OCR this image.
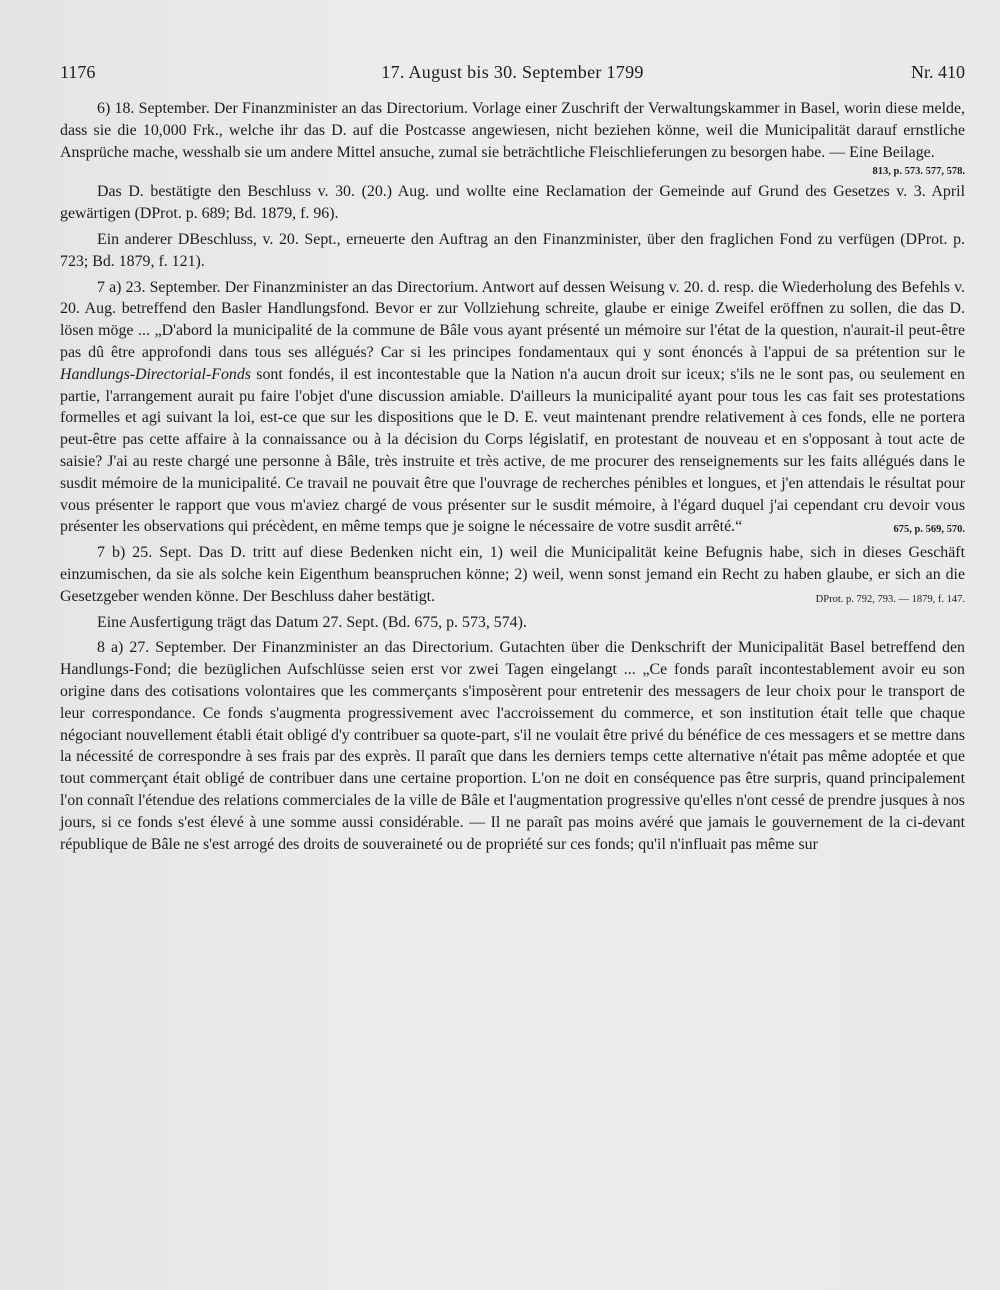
1176	17. August bis 30. September 1799	Nr. 410

6) 18. September. Der Finanzminister an das Directorium. Vorlage einer Zuschrift der Verwaltungskammer in Basel, worin diese melde, dass sie die 10,000 Frk., welche ihr das D. auf die Postcasse angewiesen, nicht beziehen könne, weil die Municipalität darauf ernstliche Ansprüche mache, wesshalb sie um andere Mittel ansuche, zumal sie beträchtliche Fleischlieferungen zu besorgen habe. — Eine Beilage.

813, p. 573. 577, 578.

Das D. bestätigte den Beschluss v. 30. (20.) Aug. und wollte eine Reclamation der Gemeinde auf Grund des Gesetzes v. 3. April gewärtigen (DProt. p. 689; Bd. 1879, f. 96).

Ein anderer DBeschluss, v. 20. Sept., erneuerte den Auftrag an den Finanzminister, über den fraglichen Fond zu verfügen (DProt. p. 723; Bd. 1879, f. 121).

7 a) 23. September. Der Finanzminister an das Directorium. Antwort auf dessen Weisung v. 20. d. resp. die Wiederholung des Befehls v. 20. Aug. betreffend den Basler Handlungsfond. Bevor er zur Vollziehung schreite, glaube er einige Zweifel eröffnen zu sollen, die das D. lösen möge ... „D'abord la municipalité de la commune de Bâle vous ayant présenté un mémoire sur l'état de la question, n'aurait-il peut-être pas dû être approfondi dans tous ses allégués? Car si les principes fondamentaux qui y sont énoncés à l'appui de sa prétention sur le Handlungs-Directorial-Fonds sont fondés, il est incontestable que la Nation n'a aucun droit sur iceux; s'ils ne le sont pas, ou seulement en partie, l'arrangement aurait pu faire l'objet d'une discussion amiable. D'ailleurs la municipalité ayant pour tous les cas fait ses protestations formelles et agi suivant la loi, est-ce que sur les dispositions que le D. E. veut maintenant prendre relativement à ces fonds, elle ne portera peut-être pas cette affaire à la connaissance ou à la décision du Corps législatif, en protestant de nouveau et en s'opposant à tout acte de saisie? J'ai au reste chargé une personne à Bâle, très instruite et très active, de me procurer des renseignements sur les faits allégués dans le susdit mémoire de la municipalité. Ce travail ne pouvait être que l'ouvrage de recherches pénibles et longues, et j'en attendais le résultat pour vous présenter le rapport que vous m'aviez chargé de vous présenter sur le susdit mémoire, à l'égard duquel j'ai cependant cru devoir vous présenter les observations qui précèdent, en même temps que je soigne le nécessaire de votre susdit arrêté.“	675, p. 569, 570.

7 b) 25. Sept. Das D. tritt auf diese Bedenken nicht ein, 1) weil die Municipalität keine Befugnis habe, sich in dieses Geschäft einzumischen, da sie als solche kein Eigenthum beanspruchen könne; 2) weil, wenn sonst jemand ein Recht zu haben glaube, er sich an die Gesetzgeber wenden könne. Der Beschluss daher bestätigt.	DProt. p. 792, 793. — 1879, f. 147.

Eine Ausfertigung trägt das Datum 27. Sept. (Bd. 675, p. 573, 574).

8 a) 27. September. Der Finanzminister an das Directorium. Gutachten über die Denkschrift der Municipalität Basel betreffend den Handlungs-Fond; die bezüglichen Aufschlüsse seien erst vor zwei Tagen eingelangt ... „Ce fonds paraît incontestablement avoir eu son origine dans des cotisations volontaires que les commerçants s'imposèrent pour entretenir des messagers de leur choix pour le transport de leur correspondance. Ce fonds s'augmenta progressivement avec l'accroissement du commerce, et son institution était telle que chaque négociant nouvellement établi était obligé d'y contribuer sa quote-part, s'il ne voulait être privé du bénéfice de ces messagers et se mettre dans la nécessité de correspondre à ses frais par des exprès. Il paraît que dans les derniers temps cette alternative n'était pas même adoptée et que tout commerçant était obligé de contribuer dans une certaine proportion. L'on ne doit en conséquence pas être surpris, quand principalement l'on connaît l'étendue des relations commerciales de la ville de Bâle et l'augmentation progressive qu'elles n'ont cessé de prendre jusques à nos jours, si ce fonds s'est élevé à une somme aussi considérable. — Il ne paraît pas moins avéré que jamais le gouvernement de la ci-devant république de Bâle ne s'est arrogé des droits de souveraineté ou de propriété sur ces fonds; qu'il n'influait pas même sur
